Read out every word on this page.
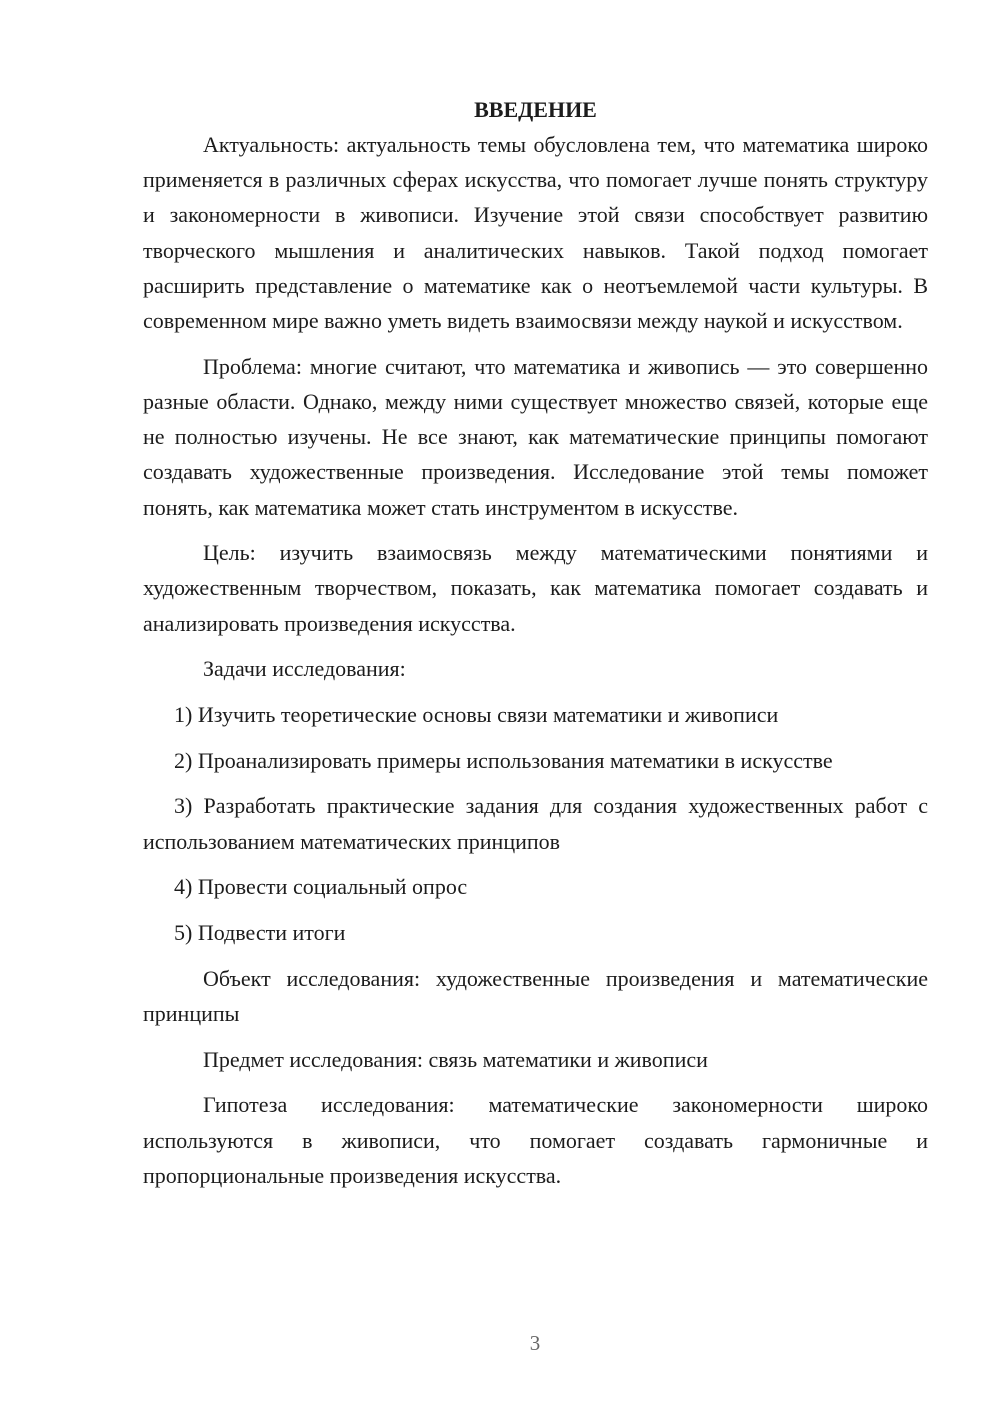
ВВЕДЕНИЕ

Актуальность: актуальность темы обусловлена тем, что математика широко применяется в различных сферах искусства, что помогает лучше понять структуру и закономерности в живописи. Изучение этой связи способствует развитию творческого мышления и аналитических навыков. Такой подход помогает расширить представление о математике как о неотъемлемой части культуры. В современном мире важно уметь видеть взаимосвязи между наукой и искусством.

Проблема: многие считают, что математика и живопись — это совершенно разные области. Однако, между ними существует множество связей, которые еще не полностью изучены. Не все знают, как математические принципы помогают создавать художественные произведения. Исследование этой темы поможет понять, как математика может стать инструментом в искусстве.

Цель: изучить взаимосвязь между математическими понятиями и художественным творчеством, показать, как математика помогает создавать и анализировать произведения искусства.

Задачи исследования:

1) Изучить теоретические основы связи математики и живописи

2) Проанализировать примеры использования математики в искусстве

3) Разработать практические задания для создания художественных работ с использованием математических принципов

4) Провести социальный опрос

5) Подвести итоги

Объект исследования: художественные произведения и математические принципы

Предмет исследования: связь математики и живописи

Гипотеза исследования: математические закономерности широко используются в живописи, что помогает создавать гармоничные и пропорциональные произведения искусства.

3
